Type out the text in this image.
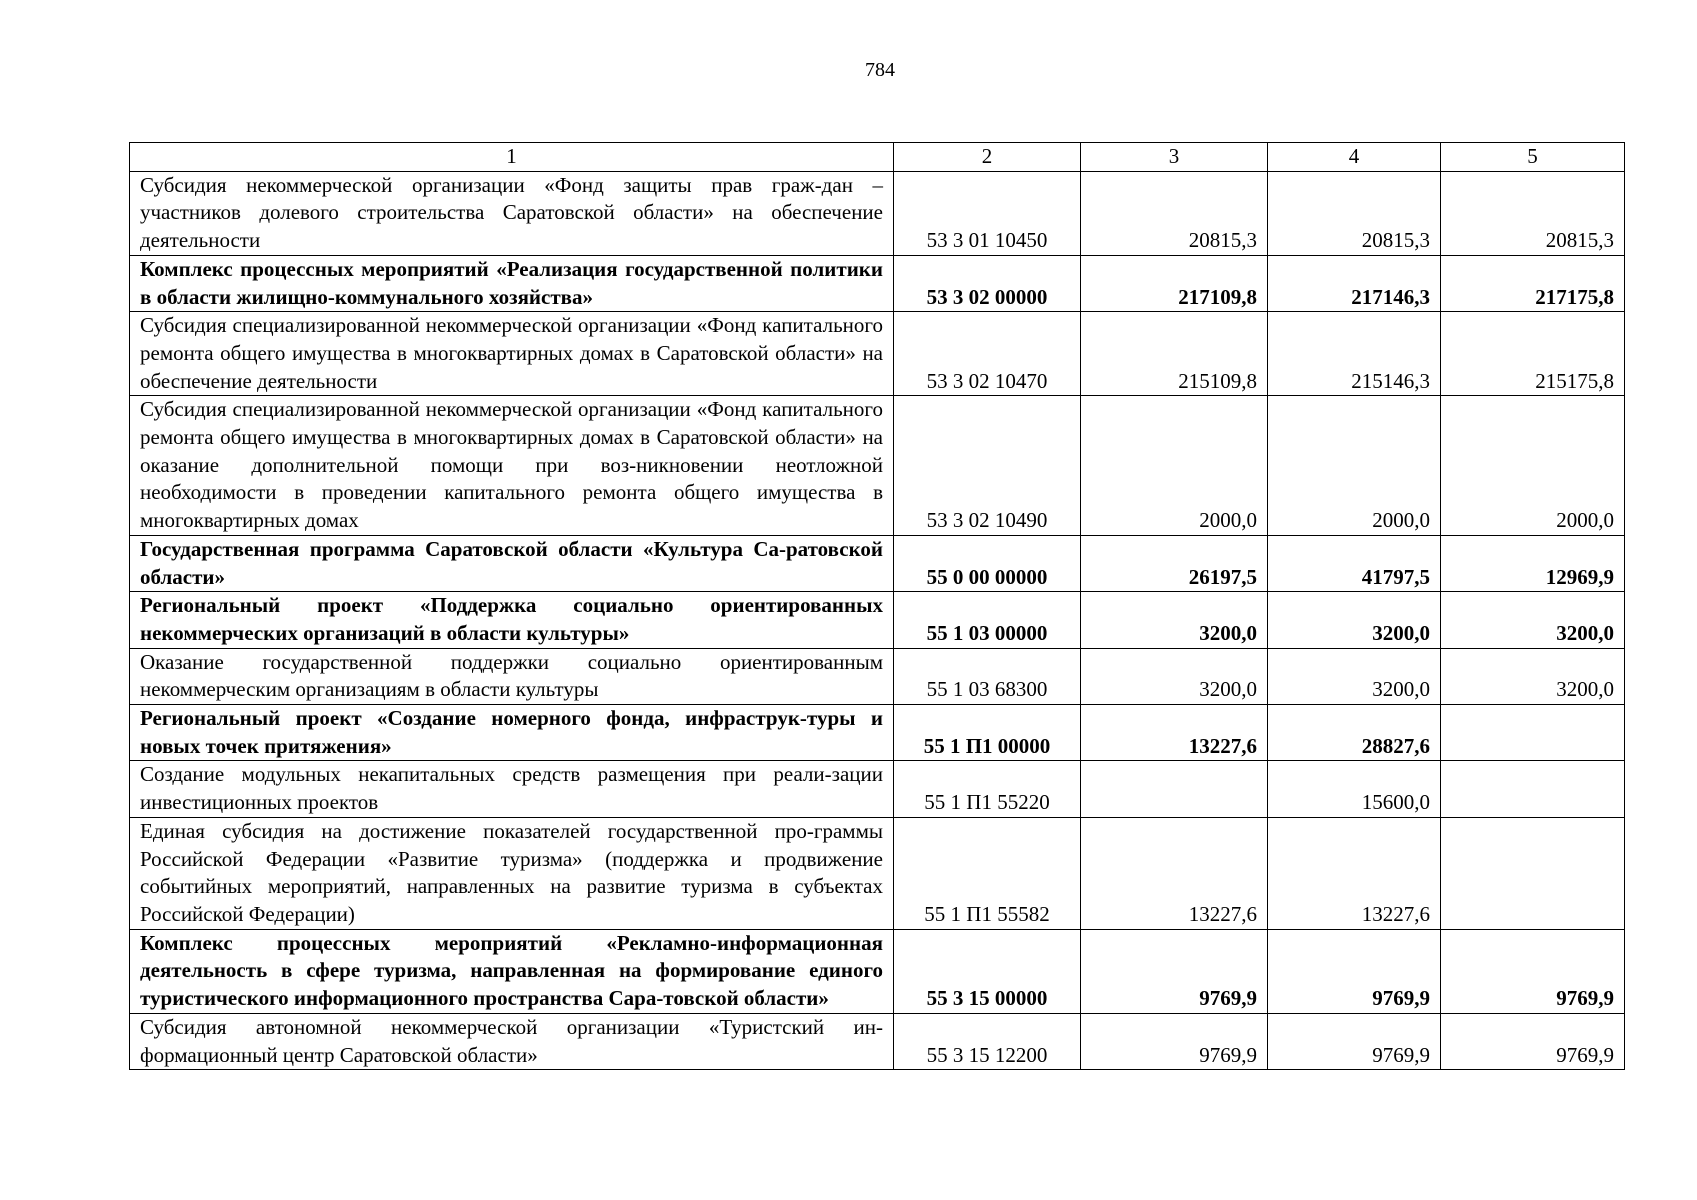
784
1	2	3	4	5
Субсидия некоммерческой организации «Фонд защиты прав граж-дан – участников долевого строительства Саратовской области» на обеспечение деятельности	53 3 01 10450	20815,3	20815,3	20815,3
Комплекс процессных мероприятий «Реализация государственной политики в области жилищно-коммунального хозяйства»	53 3 02 00000	217109,8	217146,3	217175,8
Субсидия специализированной некоммерческой организации «Фонд капитального ремонта общего имущества в многоквартирных домах в Саратовской области» на обеспечение деятельности	53 3 02 10470	215109,8	215146,3	215175,8
Субсидия специализированной некоммерческой организации «Фонд капитального ремонта общего имущества в многоквартирных домах в Саратовской области» на оказание дополнительной помощи при воз-никновении неотложной необходимости в проведении капитального ремонта общего имущества в многоквартирных домах	53 3 02 10490	2000,0	2000,0	2000,0
Государственная программа Саратовской области «Культура Са-ратовской области»	55 0 00 00000	26197,5	41797,5	12969,9
Региональный проект «Поддержка социально ориентированных некоммерческих организаций в области культуры»	55 1 03 00000	3200,0	3200,0	3200,0
Оказание государственной поддержки социально ориентированным некоммерческим организациям в области культуры	55 1 03 68300	3200,0	3200,0	3200,0
Региональный проект «Создание номерного фонда, инфраструк-туры и новых точек притяжения»	55 1 П1 00000	13227,6	28827,6	
Создание модульных некапитальных средств размещения при реали-зации инвестиционных проектов	55 1 П1 55220		15600,0	
Единая субсидия на достижение показателей государственной про-граммы Российской Федерации «Развитие туризма» (поддержка и продвижение событийных мероприятий, направленных на развитие туризма в субъектах Российской Федерации)	55 1 П1 55582	13227,6	13227,6	
Комплекс процессных мероприятий «Рекламно-информационная деятельность в сфере туризма, направленная на формирование единого туристического информационного пространства Сара-товской области»	55 3 15 00000	9769,9	9769,9	9769,9
Субсидия автономной некоммерческой организации «Туристский ин-формационный центр Саратовской области»	55 3 15 12200	9769,9	9769,9	9769,9
